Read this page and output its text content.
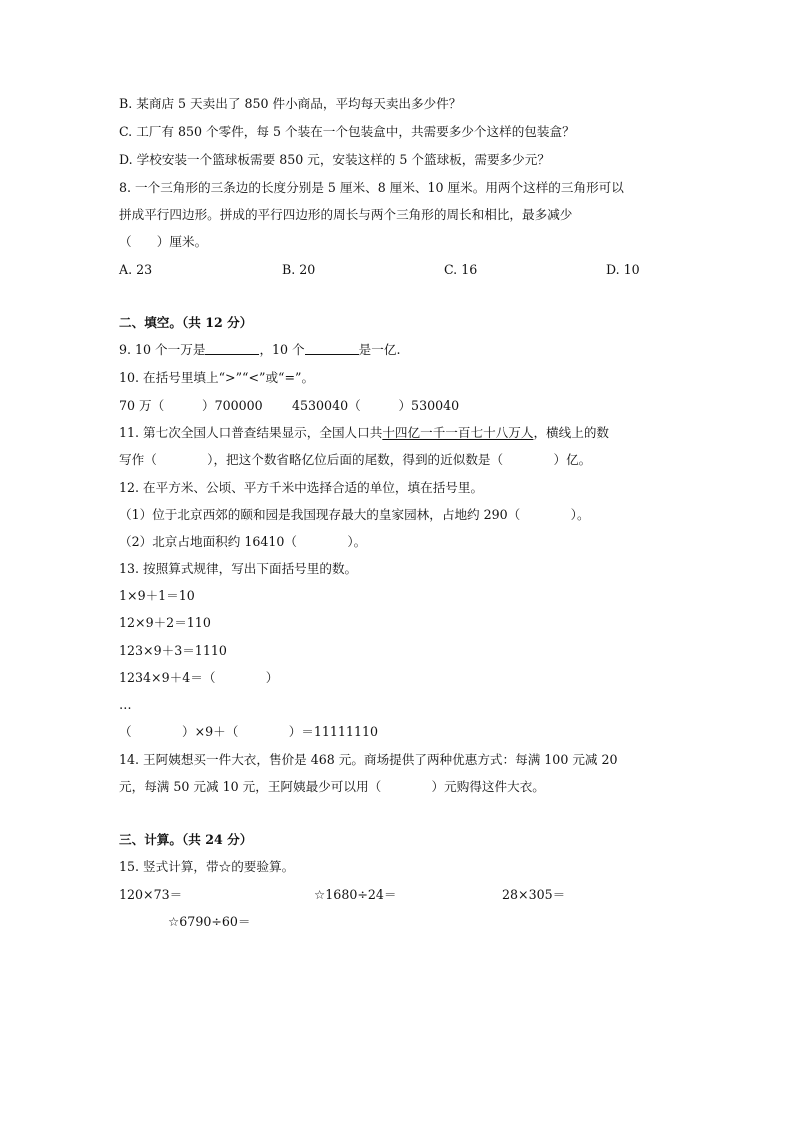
B. 某商店 5 天卖出了 850 件小商品，平均每天卖出多少件？
C. 工厂有 850 个零件，每 5 个装在一个包装盒中，共需要多少个这样的包装盒？
D. 学校安装一个篮球板需要 850 元，安装这样的 5 个篮球板，需要多少元？
8. 一个三角形的三条边的长度分别是 5 厘米、8 厘米、10 厘米。用两个这样的三角形可以
拼成平行四边形。拼成的平行四边形的周长与两个三角形的周长和相比，最多减少
（　　）厘米。
A. 23	B. 20	C. 16	D. 10
二、填空。（共 12 分）
9. 10 个一万是	，10 个	是一亿.
10. 在括号里填上“>”“<”或“=”。
70 万（　　　）700000 4530040（　　　）530040
11. 第七次全国人口普查结果显示，全国人口共十四亿一千一百七十八万人，横线上的数
写作（　　　　），把这个数省略亿位后面的尾数，得到的近似数是（　　　　）亿。
12. 在平方米、公顷、平方千米中选择合适的单位，填在括号里。
（1）位于北京西郊的颐和园是我国现存最大的皇家园林，占地约 290（　　　　）。
（2）北京占地面积约 16410（　　　　）。
13. 按照算式规律，写出下面括号里的数。
1×9＋1＝10
12×9＋2＝110
123×9＋3＝1110
1234×9＋4＝（　　　　）
…
（　　　　）×9＋（　　　　）＝11111110
14. 王阿姨想买一件大衣，售价是 468 元。商场提供了两种优惠方式：每满 100 元减 20
元，每满 50 元减 10 元，王阿姨最少可以用（　　　　）元购得这件大衣。
三、计算。（共 24 分）
15. 竖式计算，带☆的要验算。
120×73＝	☆1680÷24＝	28×305＝
☆6790÷60＝
